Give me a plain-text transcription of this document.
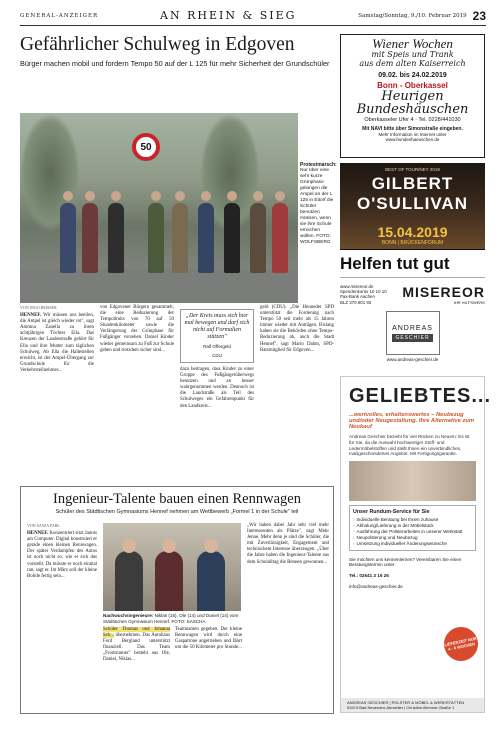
GENERAL-ANZEIGER	AN RHEIN & SIEG	Samstag/Sonntag, 9./10. Februar 2019 23
Gefährlicher Schulweg in Edgoven
Bürger machen mobil und fordern Tempo 50 auf der L 125 für mehr Sicherheit der Grundschüler
50
Protestmarsch:
Nur über eine sehr kurze Grünphase gelangen die Ampel an der L 125 in Eitorf die Schüler benutzen müssen, wenn sie ihre Schule erreichen wollen. FOTO: WOLFSBERG
VON INGO BEISSER
HENNEF. Wir müssen uns beeilen, die Ampel ist gleich wieder rot", sagt Ammna Zanella zu ihren achtjährigen Töchter Ella. Das Kreuzen der Landesstraße gehört für Ella und ihre Mutter zum täglichen Schulweg. Ab Ella die Haltestellen erreicht, ist der Ampel-Übergang zur Grundschule für die Verkehrsteilnehmer...
von Edgovener Bürgern gesammelt, die eine Reduzierung der Tempolimits von 70 auf 50 Stundenkilometer sowie die Verlängerung der Grünphase für Fußgänger vorsehen. Daniel Kinder wieder gemeinsam zu Fuß zur Schule gehen und trotzdem sicher sind...
„Der Kreis muss sich hier mal bewegen und darf sich nicht auf Formalien stützen"
Ralf Offergeld
CDU
dazu beitragen, dass Kinder zu einer Gruppe des Fußgängerüberwegs benutzen und an besser wahrgenommen werden. Dennoch ist die Landstraße als Teil des Schulweges ein Gefahrenpunkt für den Landkreis...
geld (CDU). „Die Henneder SPD unterstützt die Forderung nach Tempo 50 seit mehr als 15 Jahren immer wieder mit Anträgen. Bislang haben sie die Behörden ohne Tempo-Reduzierung ab, auch die Stadt Hennef", sagt Mario Dahm, SPD-Ratsmitglied für Edgoven...
Ingenieur-Talente bauen einen Rennwagen
Schüler des Städtischen Gymnasiums Hennef nehmen am Wettbewerb „Formel 1 in der Schule" teil
VON SANJA FABL
HENNEF. Konzentriert sitzt Jannis am Computer. Digital konstruiert er gerade einen kleinen Rennwagen. Der später Verdampfen des Autos ist noch nicht so, wie er sich das vorstellt. Da müsste er noch einmal ran, sagt er. Im März soll der kleine Bolide fertig sein...
Nachwuchsingenieure: Niklas (15), Ole (14) und Daniel (14) vom Städtischen Gymnasium Hennef. FOTO: SASCHA
Schüler Thomas und Johanna Sch... übernehmen. Das Autohaus Ford Bergland unterstützt finanziell. Das Team „Frontrunner" besteht aus Ole, Daniel, Niklas...
Teamnamen gegeben. Der kleine Rennwagen wird durch eine Gaspatrone angetrieben und fährt um die 50 Kilometer pro Stunde...
„Wir haben dabei Jahr sehr viel mehr Interessenten als Plätze", sagt Mehr Jenne. Mehr denn je sind die Schüler, die mit Zuverlässigkeit, Engagement und technischem Interesse überzeugen. „Über die Jahre haben die Ingenieur-Talente aus dem Schulalltag die Rennen gewonnen...
Wiener Wochen
mit Speis und Trank
aus dem alten Kaiserreich
09.02. bis 24.02.2019
Bonn - Oberkassel
Heurigen
Bundeshäuschen
Oberkasseler Ufer 4 · Tel. 0228/441030
Mit NAVI bitte über Simonstraße eingeben.
Mehr Information im Internet unter
www.bundeshaeuschen.de
BEST OF TOUR/NEY 2019
GILBERT
O'SULLIVAN
15.04.2019
BONN | BRÜCKENFORUM
Helfen tut gut
www.misereor.de
Spendenkonto 10 10 10
Pax-Bank Aachen
BLZ 370 601 93
MISEREOR
IHR HILFSWERK
ANDREAS
GESCHIER
www.andreas-geschier.de
GELIEBTES...
...wertvolles, erhaltenswertes – Neubezug und/oder Neugestaltung. Ihre Alternative zum Neukauf
Andreas Geschier bezieht für viel Rücken zu Neuem: Es ist für Sie, da die Auswahl hochwertiger Stoff- und Ledermöbelstoffen und stellt Ihnen ein unverbindliches, maßgeschneidertes Angebot. Mit Fertigungsgarantie.
Unser Rundum-Service für Sie
› Individuelle Beratung bei Ihnen zuhause
› Abholung/Lieferung in der Möbelstück
› Ausführung der Polsterarbeiten in unserer Werkstatt
› Neupolsterung und Neubezug
› Umsetzung individueller Änderungswünsche
LIEFERZEIT NUR 4 - 6 WOCHEN
Sie möchten uns kennenlernen? Vereinbaren Sie einen Beratungstermin unter
Tel.: 02641 3 16 26
info@andreas-geschier.de
ANDREAS GESCHIER | POLSTER & MÖBEL & WERKSTÄTTEN
53474 Bad Neuenahr-Ahrweiler | Christine-Brenner-Straße 1
